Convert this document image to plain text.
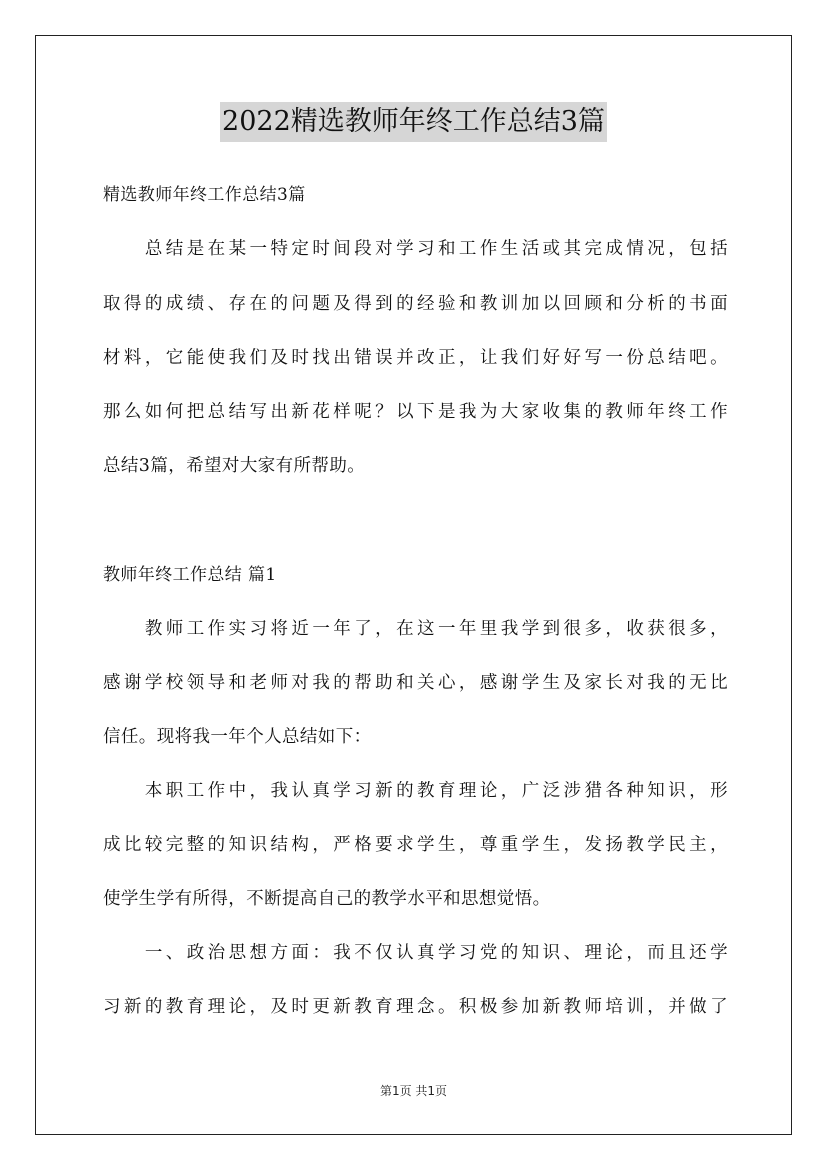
2022精选教师年终工作总结3篇
精选教师年终工作总结3篇
　　总结是在某一特定时间段对学习和工作生活或其完成情况，包括
取得的成绩、存在的问题及得到的经验和教训加以回顾和分析的书面
材料，它能使我们及时找出错误并改正，让我们好好写一份总结吧。
那么如何把总结写出新花样呢？以下是我为大家收集的教师年终工作
总结3篇，希望对大家有所帮助。
教师年终工作总结 篇1
　　教师工作实习将近一年了，在这一年里我学到很多，收获很多，
感谢学校领导和老师对我的帮助和关心，感谢学生及家长对我的无比
信任。现将我一年个人总结如下：
　　本职工作中，我认真学习新的教育理论，广泛涉猎各种知识，形
成比较完整的知识结构，严格要求学生，尊重学生，发扬教学民主，
使学生学有所得，不断提高自己的教学水平和思想觉悟。
　　一、政治思想方面：我不仅认真学习党的知识、理论，而且还学
习新的教育理论，及时更新教育理念。积极参加新教师培训，并做了
第1页 共1页
